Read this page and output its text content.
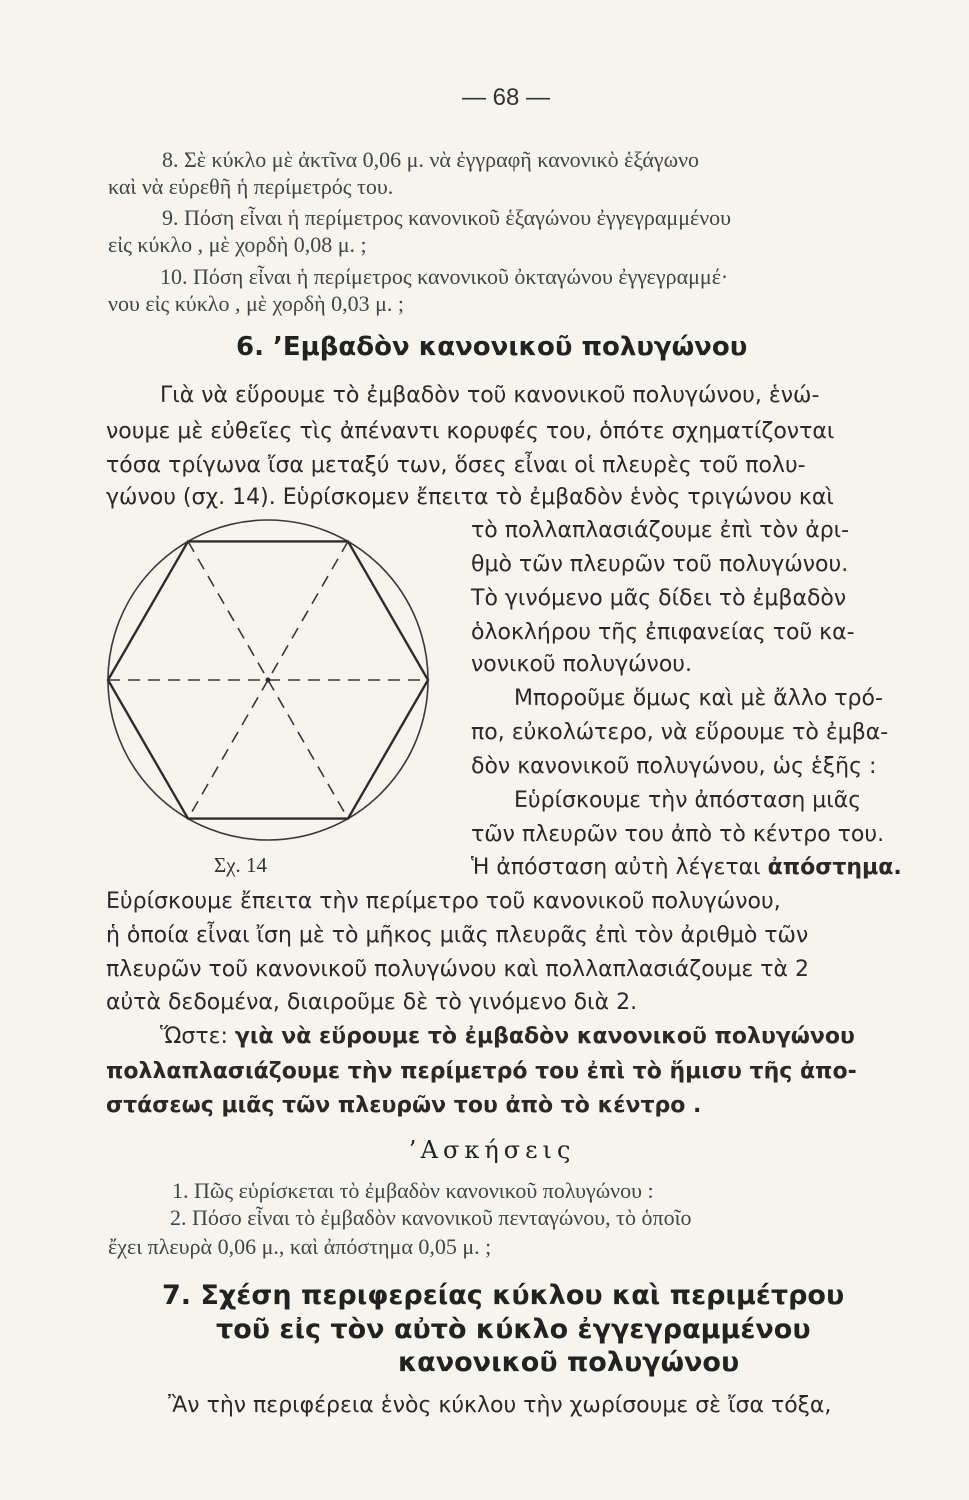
— 68 —
8. Σὲ κύκλο μὲ ἀκτῖνα 0,06 μ. νὰ ἐγγραφῆ κανονικὸ ἑξάγωνο
καὶ νὰ εὑρεθῆ ἡ περίμετρός του.
9. Πόση εἶναι ἡ περίμετρος κανονικοῦ ἑξαγώνου ἐγγεγραμμένου
εἰς κύκλο , μὲ χορδὴ 0,08 μ. ;
10. Πόση εἶναι ἡ περίμετρος κανονικοῦ ὀκταγώνου ἐγγεγραμμέ·
νου εἰς κύκλο , μὲ χορδὴ 0,03 μ. ;
6. ʼΕμβαδὸν κανονικοῦ πολυγώνου
Γιὰ νὰ εὕρουμε τὸ ἐμβαδὸν τοῦ κανονικοῦ πολυγώνου, ἑνώ-
νουμε μὲ εὐθεῖες τὶς ἀπέναντι κορυφές του, ὁπότε σχηματίζονται
τόσα τρίγωνα ἴσα μεταξύ των, ὅσες εἶναι οἱ πλευρὲς τοῦ πολυ-
γώνου (σχ. 14). Εὑρίσκομεν ἔπειτα τὸ ἐμβαδὸν ἑνὸς τριγώνου καὶ
τὸ πολλαπλασιάζουμε ἐπὶ τὸν ἀρι-
θμὸ τῶν πλευρῶν τοῦ πολυγώνου.
Τὸ γινόμενο μᾶς δίδει τὸ ἐμβαδὸν
ὁλοκλήρου τῆς ἐπιφανείας τοῦ κα-
νονικοῦ πολυγώνου.
Μποροῦμε ὅμως καὶ μὲ ἄλλο τρό-
πο, εὐκολώτερο, νὰ εὕρουμε τὸ ἐμβα-
δὸν κανονικοῦ πολυγώνου, ὡς ἑξῆς :
Εὑρίσκουμε τὴν ἀπόσταση μιᾶς
τῶν πλευρῶν του ἀπὸ τὸ κέντρο του.
Ἡ ἀπόσταση αὐτὴ λέγεται ἀπόστημα.
Σχ. 14
Εὑρίσκουμε ἔπειτα τὴν περίμετρο τοῦ κανονικοῦ πολυγώνου,
ἡ ὁποία εἶναι ἴση μὲ τὸ μῆκος μιᾶς πλευρᾶς ἐπὶ τὸν ἀριθμὸ τῶν
πλευρῶν τοῦ κανονικοῦ πολυγώνου καὶ πολλαπλασιάζουμε τὰ 2
αὐτὰ δεδομένα, διαιροῦμε δὲ τὸ γινόμενο διὰ 2.
Ὥστε: γιὰ νὰ εὕρουμε τὸ ἐμβαδὸν κανονικοῦ πολυγώνου
πολλαπλασιάζουμε τὴν περίμετρό του ἐπὶ τὸ ἥμισυ τῆς ἀπο-
στάσεως μιᾶς τῶν πλευρῶν του ἀπὸ τὸ κέντρο .
ʼΑσκήσεις
1. Πῶς εὑρίσκεται τὸ ἐμβαδὸν κανονικοῦ πολυγώνου :
2. Πόσο εἶναι τὸ ἐμβαδὸν κανονικοῦ πενταγώνου, τὸ ὁποῖο
ἔχει πλευρὰ 0,06 μ., καὶ ἀπόστημα 0,05 μ. ;
7. Σχέση περιφερείας κύκλου καὶ περιμέτρου
τοῦ εἰς τὸν αὐτὸ κύκλο ἐγγεγραμμένου
κανονικοῦ πολυγώνου
Ἂν τὴν περιφέρεια ἑνὸς κύκλου τὴν χωρίσουμε σὲ ἴσα τόξα,
